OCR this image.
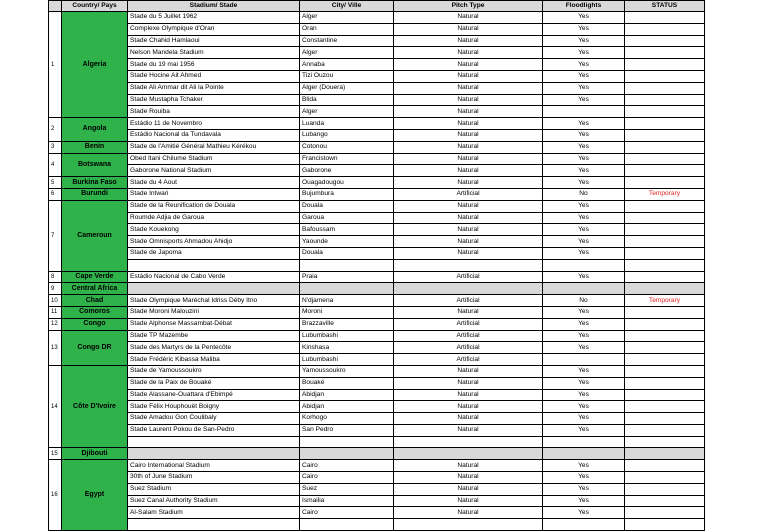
	Country/ Pays	Stadium/ Stade	City/ Ville	Pitch Type	Floodlights	STATUS
1	Algeria	Stade du 5 Juillet 1962	Alger	Natural	Yes	
		Complexe Olympique d'Oran	Oran	Natural	Yes	
		Stade Chahid Hamlaoui	Constantine	Natural	Yes	
		Nelson Mandela Stadium	Alger	Natural	Yes	
		Stade du 19 mai 1956	Annaba	Natural	Yes	
		Stade Hocine Ait Ahmed	Tizi Ouzou	Natural	Yes	
		Stade Ali Ammar dit Ali la Pointe	Alger (Douera)	Natural	Yes	
		Stade Mustapha Tchaker	Blida	Natural	Yes	
		Stade Rouiba	Alger	Natural		
2	Angola	Estádio 11 de Novembro	Luanda	Natural	Yes	
		Estádio Nacional da Tundavala	Lubango	Natural	Yes	
3	Benin	Stade de l'Amitié Général Mathieu Kérékou	Cotonou	Natural	Yes	
4	Botswana	Obed Itani Chilume Stadium	Francistown	Natural	Yes	
		Gaborone National Stadium	Gaborone	Natural	Yes	
5	Burkina Faso	Stade du 4 Aout	Ouagadougou	Natural	Yes	
6	Burundi	Stade Intwari	Bujumbura	Artificial	No	Temporary
7	Cameroun	Stade de la Reunification de Douala	Douala	Natural	Yes	
		Roumde Adjia de Garoua	Garoua	Natural	Yes	
		Stade Kouekong	Bafoussam	Natural	Yes	
		Stade Omnisports Ahmadou Ahidjo	Yaounde	Natural	Yes	
		Stade de Japoma	Douala	Natural	Yes	

8	Cape Verde	Estádio Nacional de Cabo Verde	Praia	Artificial	Yes	
9	Central Africa					
10	Chad	Stade Olympique Maréchal Idriss Déby Itno	N'djamena	Artificial	No	Temporary
11	Comoros	Stade Moroni Malouzini	Moroni	Natural	Yes	
12	Congo	Stade Alphonse Massambat-Débat	Brazzaville	Artificial	Yes	
13	Congo DR	Stade TP Mazembe	Lubumbashi	Artificial	Yes	
		Stade des Martyrs de la Pentecôte	Kinshasa	Artificial	Yes	
		Stade Frédéric Kibassa Maliba	Lubumbashi	Artificial		
14	Côte D'Ivoire	Stade de Yamoussoukro	Yamoussoukro	Natural	Yes	
		Stade de la Paix de Bouaké	Bouaké	Natural	Yes	
		Stade Alassane-Ouattara d'Ebimpé	Abidjan	Natural	Yes	
		Stade Félix Houphouët Boigny	Abidjan	Natural	Yes	
		Stade Amadou Gon Coulibaly	Korhogo	Natural	Yes	
		Stade Laurent Pokou de San-Pedro	San Pedro	Natural	Yes	

15	Djibouti					
16	Egypt	Cairo International Stadium	Cairo	Natural	Yes	
		30th of June Stadium	Cairo	Natural	Yes	
		Suez Stadium	Suez	Natural	Yes	
		Suez Canal Authority Stadium	Ismailia	Natural	Yes	
		Al-Salam Stadium	Cairo	Natural	Yes	
